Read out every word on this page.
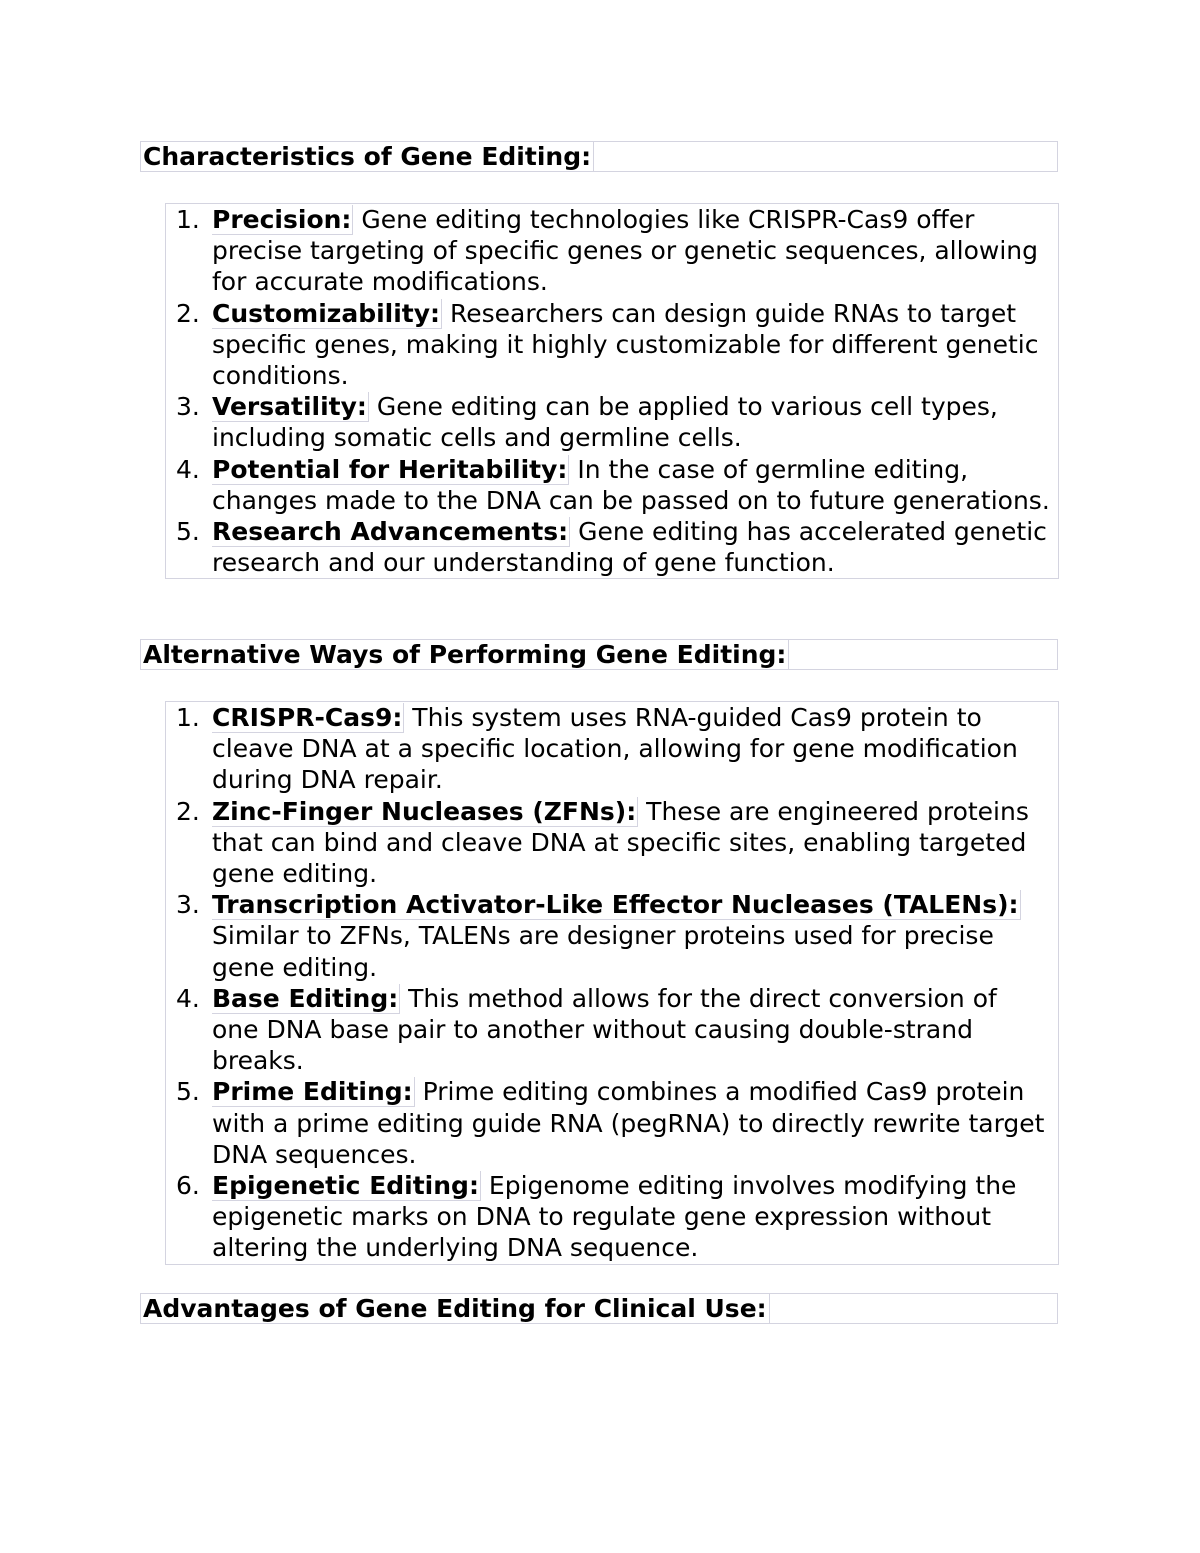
Characteristics of Gene Editing:
1. Precision: Gene editing technologies like CRISPR-Cas9 offer precise targeting of specific genes or genetic sequences, allowing for accurate modifications.
2. Customizability: Researchers can design guide RNAs to target specific genes, making it highly customizable for different genetic conditions.
3. Versatility: Gene editing can be applied to various cell types, including somatic cells and germline cells.
4. Potential for Heritability: In the case of germline editing, changes made to the DNA can be passed on to future generations.
5. Research Advancements: Gene editing has accelerated genetic research and our understanding of gene function.
Alternative Ways of Performing Gene Editing:
1. CRISPR-Cas9: This system uses RNA-guided Cas9 protein to cleave DNA at a specific location, allowing for gene modification during DNA repair.
2. Zinc-Finger Nucleases (ZFNs): These are engineered proteins that can bind and cleave DNA at specific sites, enabling targeted gene editing.
3. Transcription Activator-Like Effector Nucleases (TALENs): Similar to ZFNs, TALENs are designer proteins used for precise gene editing.
4. Base Editing: This method allows for the direct conversion of one DNA base pair to another without causing double-strand breaks.
5. Prime Editing: Prime editing combines a modified Cas9 protein with a prime editing guide RNA (pegRNA) to directly rewrite target DNA sequences.
6. Epigenetic Editing: Epigenome editing involves modifying the epigenetic marks on DNA to regulate gene expression without altering the underlying DNA sequence.
Advantages of Gene Editing for Clinical Use:
